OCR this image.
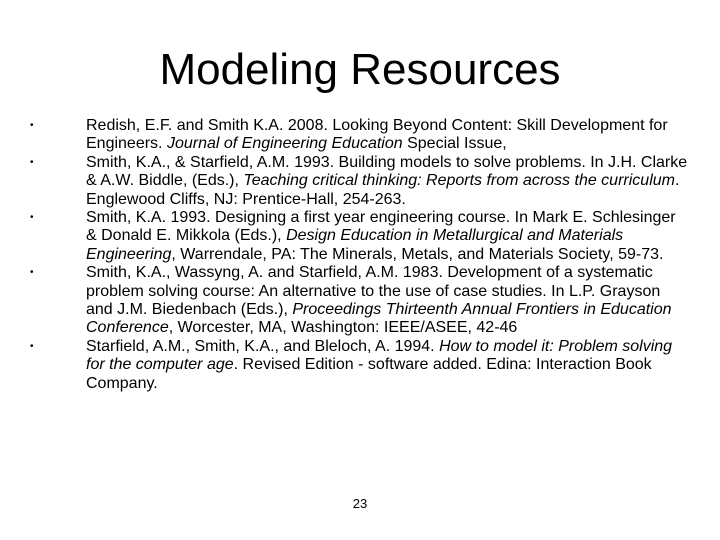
Modeling Resources
•	Redish, E.F. and Smith K.A. 2008. Looking Beyond Content: Skill Development for Engineers. Journal of Engineering Education Special Issue,
•	Smith, K.A., & Starfield, A.M. 1993. Building models to solve problems. In J.H. Clarke & A.W. Biddle, (Eds.), Teaching critical thinking: Reports from across the curriculum. Englewood Cliffs, NJ: Prentice-Hall, 254-263.
•	Smith, K.A. 1993. Designing a first year engineering course. In Mark E. Schlesinger & Donald E. Mikkola (Eds.), Design Education in Metallurgical and Materials Engineering, Warrendale, PA: The Minerals, Metals, and Materials Society, 59-73.
•	Smith, K.A., Wassyng, A. and Starfield, A.M. 1983. Development of a systematic problem solving course: An alternative to the use of case studies. In L.P. Grayson and J.M. Biedenbach (Eds.), Proceedings Thirteenth Annual Frontiers in Education Conference, Worcester, MA, Washington: IEEE/ASEE, 42‑46
•	Starfield, A.M., Smith, K.A., and Bleloch, A. 1994. How to model it: Problem solving for the computer age. Revised Edition - software added. Edina: Interaction Book Company.
23
